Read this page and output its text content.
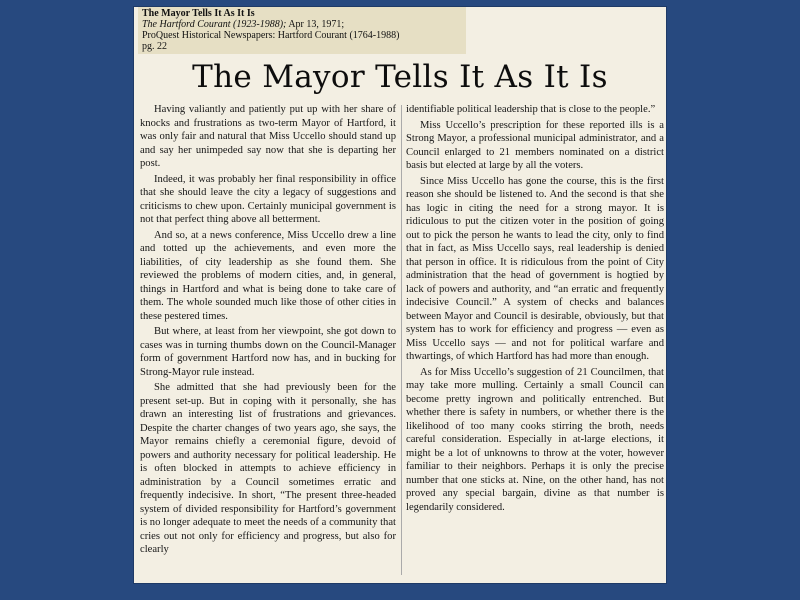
The Mayor Tells It As It Is
The Hartford Courant (1923-1988); Apr 13, 1971;
ProQuest Historical Newspapers: Hartford Courant (1764-1988)
pg. 22
The Mayor Tells It As It Is

Having valiantly and patiently put up with her share of knocks and frustrations as two-term Mayor of Hartford, it was only fair and natural that Miss Uccello should stand up and say her unimpeded say now that she is departing her post.

Indeed, it was probably her final responsibility in office that she should leave the city a legacy of suggestions and criticisms to chew upon. Certainly municipal government is not that perfect thing above all betterment.

And so, at a news conference, Miss Uccello drew a line and totted up the achievements, and even more the liabilities, of city leadership as she found them. She reviewed the problems of modern cities, and, in general, things in Hartford and what is being done to take care of them. The whole sounded much like those of other cities in these pestered times.

But where, at least from her viewpoint, she got down to cases was in turning thumbs down on the Council-Manager form of government Hartford now has, and in bucking for Strong-Mayor rule instead.

She admitted that she had previously been for the present set-up. But in coping with it personally, she has drawn an interesting list of frustrations and grievances. Despite the charter changes of two years ago, she says, the Mayor remains chiefly a ceremonial figure, devoid of powers and authority necessary for political leadership. He is often blocked in attempts to achieve efficiency in administration by a Council sometimes erratic and frequently indecisive. In short, “The present three-headed system of divided responsibility for Hartford’s government is no longer adequate to meet the needs of a community that cries out not only for efficiency and progress, but also for clearly

identifiable political leadership that is close to the people.”

Miss Uccello’s prescription for these reported ills is a Strong Mayor, a professional municipal administrator, and a Council enlarged to 21 members nominated on a district basis but elected at large by all the voters.

Since Miss Uccello has gone the course, this is the first reason she should be listened to. And the second is that she has logic in citing the need for a strong mayor. It is ridiculous to put the citizen voter in the position of going out to pick the person he wants to lead the city, only to find that in fact, as Miss Uccello says, real leadership is denied that person in office. It is ridiculous from the point of City administration that the head of government is hogtied by lack of powers and authority, and “an erratic and frequently indecisive Council.” A system of checks and balances between Mayor and Council is desirable, obviously, but that system has to work for efficiency and progress — even as Miss Uccello says — and not for political warfare and thwartings, of which Hartford has had more than enough.

As for Miss Uccello’s suggestion of 21 Councilmen, that may take more mulling. Certainly a small Council can become pretty ingrown and politically entrenched. But whether there is safety in numbers, or whether there is the likelihood of too many cooks stirring the broth, needs careful consideration. Especially in at-large elections, it might be a lot of unknowns to throw at the voter, however familiar to their neighbors. Perhaps it is only the precise number that one sticks at. Nine, on the other hand, has not proved any special bargain, divine as that number is legendarily considered.
